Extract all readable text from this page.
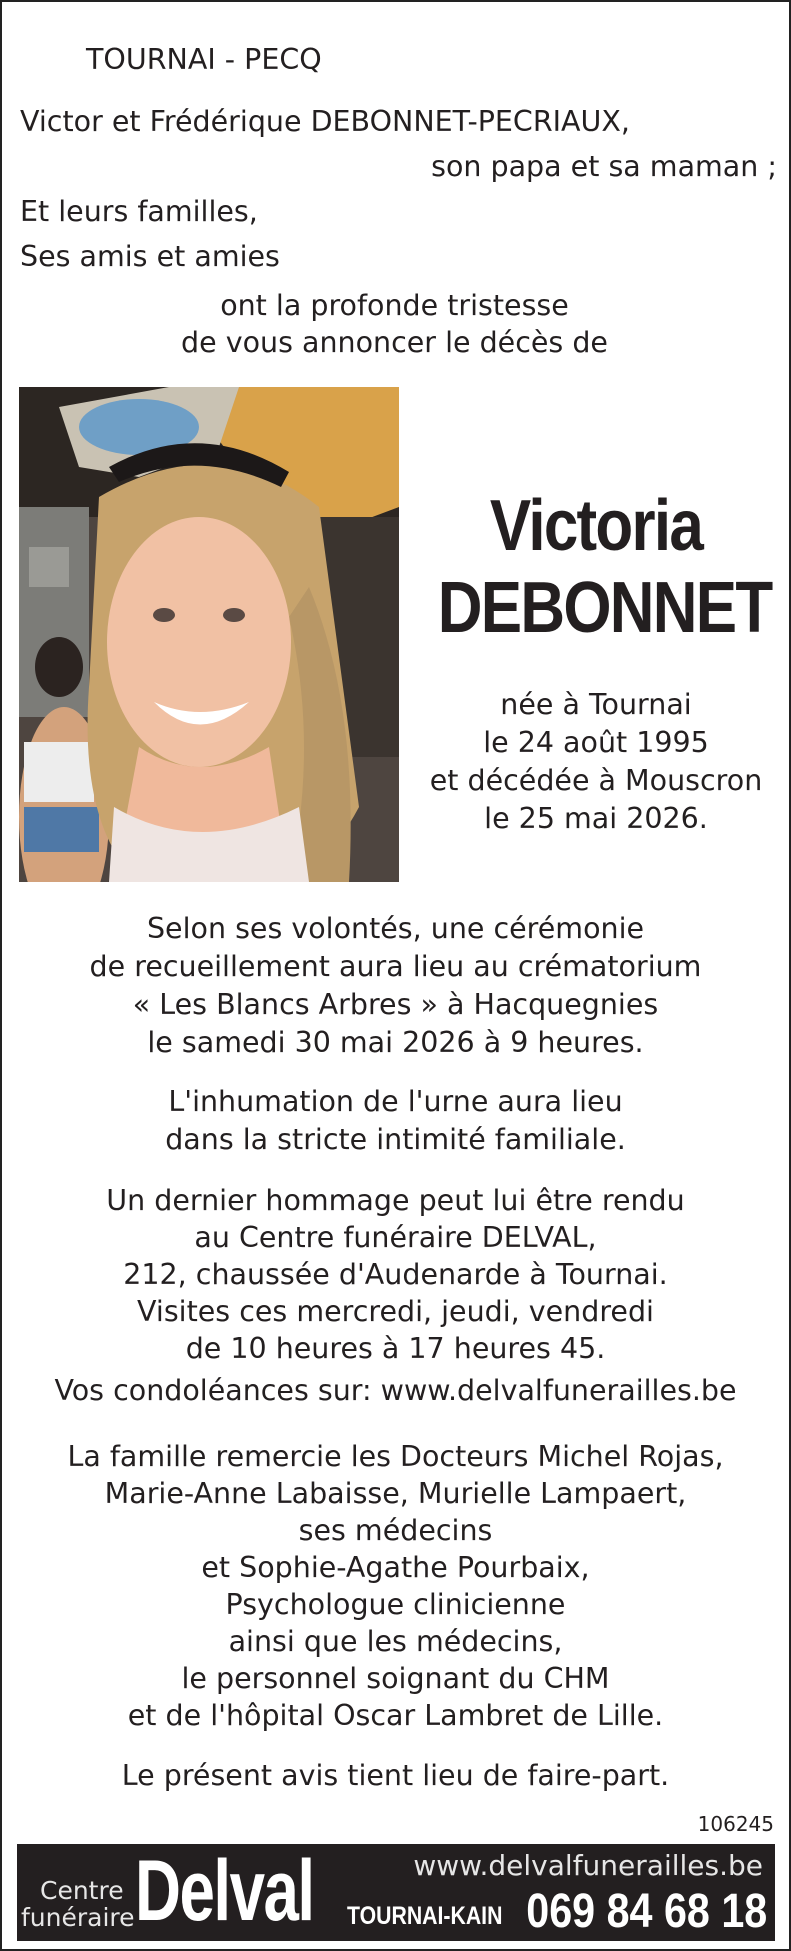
TOURNAI - PECQ
Victor et Frédérique DEBONNET-PECRIAUX,
son papa et sa maman ;
Et leurs familles,
Ses amis et amies
ont la profonde tristesse
de vous annoncer le décès de
Victoria
DEBONNET
née à Tournai
le 24 août 1995
et décédée à Mouscron
le 25 mai 2026.
Selon ses volontés, une cérémonie
de recueillement aura lieu au crématorium
« Les Blancs Arbres » à Hacquegnies
le samedi 30 mai 2026 à 9 heures.
L'inhumation de l'urne aura lieu
dans la stricte intimité familiale.
Un dernier hommage peut lui être rendu
au Centre funéraire DELVAL,
212, chaussée d'Audenarde à Tournai.
Visites ces mercredi, jeudi, vendredi
de 10 heures à 17 heures 45.
Vos condoléances sur: www.delvalfunerailles.be
La famille remercie les Docteurs Michel Rojas,
Marie-Anne Labaisse, Murielle Lampaert,
ses médecins
et Sophie-Agathe Pourbaix,
Psychologue clinicienne
ainsi que les médecins,
le personnel soignant du CHM
et de l'hôpital Oscar Lambret de Lille.
Le présent avis tient lieu de faire-part.
106245
Centre
funéraire Delval	www.delvalfunerailles.be
TOURNAI-KAIN 069 84 68 18
